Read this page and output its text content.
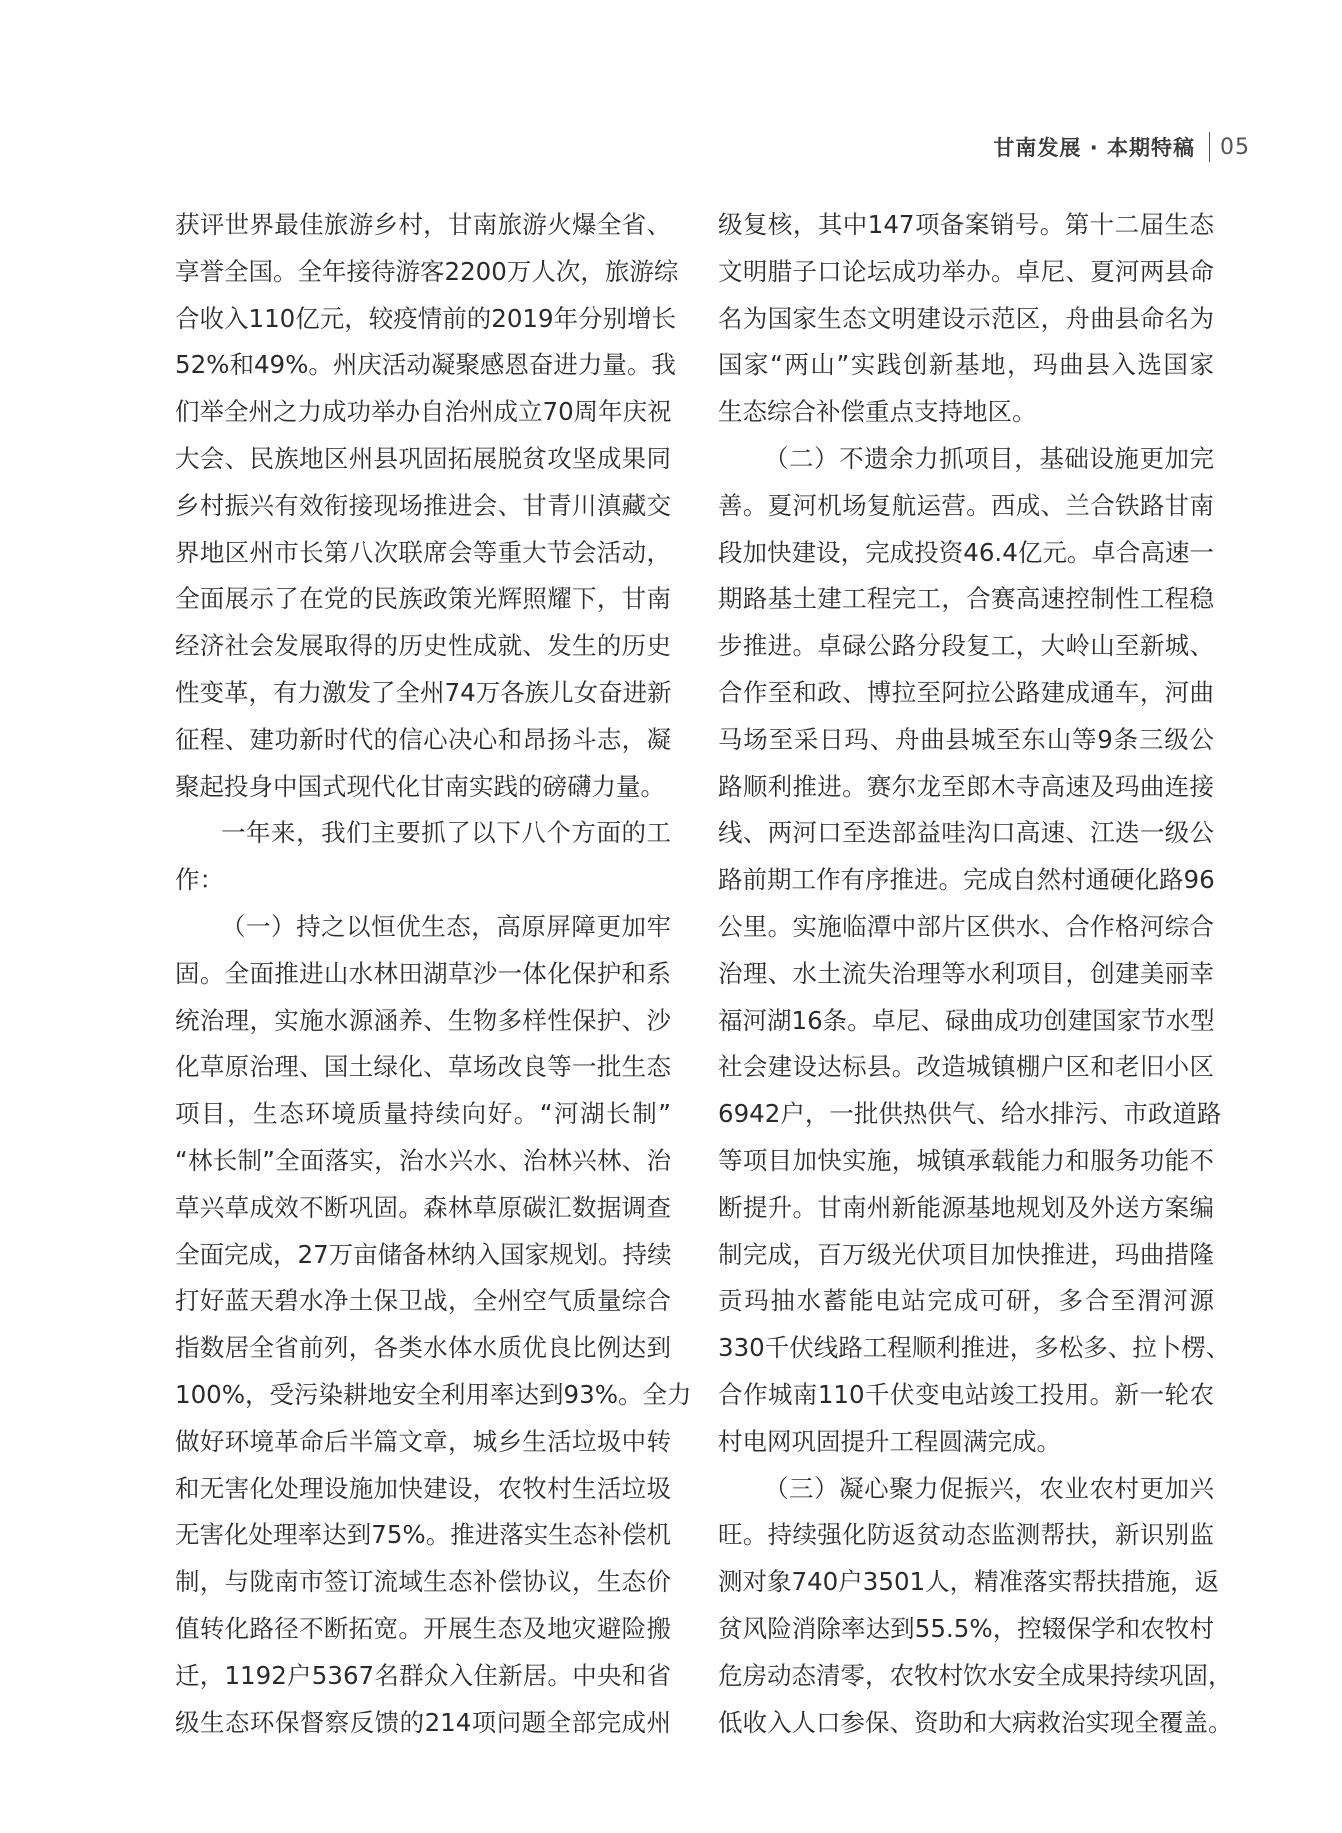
甘南发展 · 本期特稿 05
获评世界最佳旅游乡村，甘南旅游火爆全省、
享誉全国。全年接待游客2200万人次，旅游综
合收入110亿元，较疫情前的2019年分别增长
52%和49%。州庆活动凝聚感恩奋进力量。我
们举全州之力成功举办自治州成立70周年庆祝
大会、民族地区州县巩固拓展脱贫攻坚成果同
乡村振兴有效衔接现场推进会、甘青川滇藏交
界地区州市长第八次联席会等重大节会活动，
全面展示了在党的民族政策光辉照耀下，甘南
经济社会发展取得的历史性成就、发生的历史
性变革，有力激发了全州74万各族儿女奋进新
征程、建功新时代的信心决心和昂扬斗志，凝
聚起投身中国式现代化甘南实践的磅礴力量。
一年来，我们主要抓了以下八个方面的工
作：
（一）持之以恒优生态，高原屏障更加牢
固。全面推进山水林田湖草沙一体化保护和系
统治理，实施水源涵养、生物多样性保护、沙
化草原治理、国土绿化、草场改良等一批生态
项目，生态环境质量持续向好。“河湖长制”
“林长制”全面落实，治水兴水、治林兴林、治
草兴草成效不断巩固。森林草原碳汇数据调查
全面完成，27万亩储备林纳入国家规划。持续
打好蓝天碧水净土保卫战，全州空气质量综合
指数居全省前列，各类水体水质优良比例达到
100%，受污染耕地安全利用率达到93%。全力
做好环境革命后半篇文章，城乡生活垃圾中转
和无害化处理设施加快建设，农牧村生活垃圾
无害化处理率达到75%。推进落实生态补偿机
制，与陇南市签订流域生态补偿协议，生态价
值转化路径不断拓宽。开展生态及地灾避险搬
迁，1192户5367名群众入住新居。中央和省
级生态环保督察反馈的214项问题全部完成州
级复核，其中147项备案销号。第十二届生态
文明腊子口论坛成功举办。卓尼、夏河两县命
名为国家生态文明建设示范区，舟曲县命名为
国家“两山”实践创新基地，玛曲县入选国家
生态综合补偿重点支持地区。
（二）不遗余力抓项目，基础设施更加完
善。夏河机场复航运营。西成、兰合铁路甘南
段加快建设，完成投资46.4亿元。卓合高速一
期路基土建工程完工，合赛高速控制性工程稳
步推进。卓碌公路分段复工，大岭山至新城、
合作至和政、博拉至阿拉公路建成通车，河曲
马场至采日玛、舟曲县城至东山等9条三级公
路顺利推进。赛尔龙至郎木寺高速及玛曲连接
线、两河口至迭部益哇沟口高速、江迭一级公
路前期工作有序推进。完成自然村通硬化路96
公里。实施临潭中部片区供水、合作格河综合
治理、水土流失治理等水利项目，创建美丽幸
福河湖16条。卓尼、碌曲成功创建国家节水型
社会建设达标县。改造城镇棚户区和老旧小区
6942户，一批供热供气、给水排污、市政道路
等项目加快实施，城镇承载能力和服务功能不
断提升。甘南州新能源基地规划及外送方案编
制完成，百万级光伏项目加快推进，玛曲措隆
贡玛抽水蓄能电站完成可研，多合至渭河源
330千伏线路工程顺利推进，多松多、拉卜楞、
合作城南110千伏变电站竣工投用。新一轮农
村电网巩固提升工程圆满完成。
（三）凝心聚力促振兴，农业农村更加兴
旺。持续强化防返贫动态监测帮扶，新识别监
测对象740户3501人，精准落实帮扶措施，返
贫风险消除率达到55.5%，控辍保学和农牧村
危房动态清零，农牧村饮水安全成果持续巩固，
低收入人口参保、资助和大病救治实现全覆盖。
